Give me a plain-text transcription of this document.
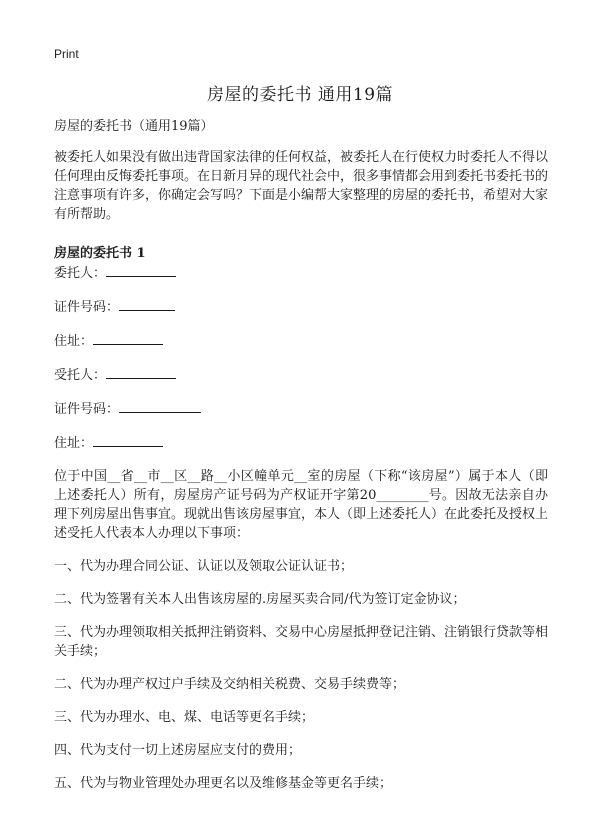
Print
房屋的委托书 通用19篇

房屋的委托书（通用19篇）

被委托人如果没有做出违背国家法律的任何权益，被委托人在行使权力时委托人不得以任何理由反悔委托事项。在日新月异的现代社会中，很多事情都会用到委托书委托书的注意事项有许多，你确定会写吗？下面是小编帮大家整理的房屋的委托书，希望对大家有所帮助。

房屋的委托书 1

委托人：
证件号码：
住址：
受托人：
证件号码：
住址：

位于中国__省__市__区__路__小区幢单元__室的房屋（下称“该房屋”）属于本人（即上述委托人）所有，房屋房产证号码为产权证开字第20________号。因故无法亲自办理下列房屋出售事宜。现就出售该房屋事宜，本人（即上述委托人）在此委托及授权上述受托人代表本人办理以下事项：

一、代为办理合同公证、认证以及领取公证认证书；

二、代为签署有关本人出售该房屋的.房屋买卖合同/代为签订定金协议；

三、代为办理领取相关抵押注销资料、交易中心房屋抵押登记注销、注销银行贷款等相关手续；

二、代为办理产权过户手续及交纳相关税费、交易手续费等；

三、代为办理水、电、煤、电话等更名手续；

四、代为支付一切上述房屋应支付的费用；

五、代为与物业管理处办理更名以及维修基金等更名手续；
